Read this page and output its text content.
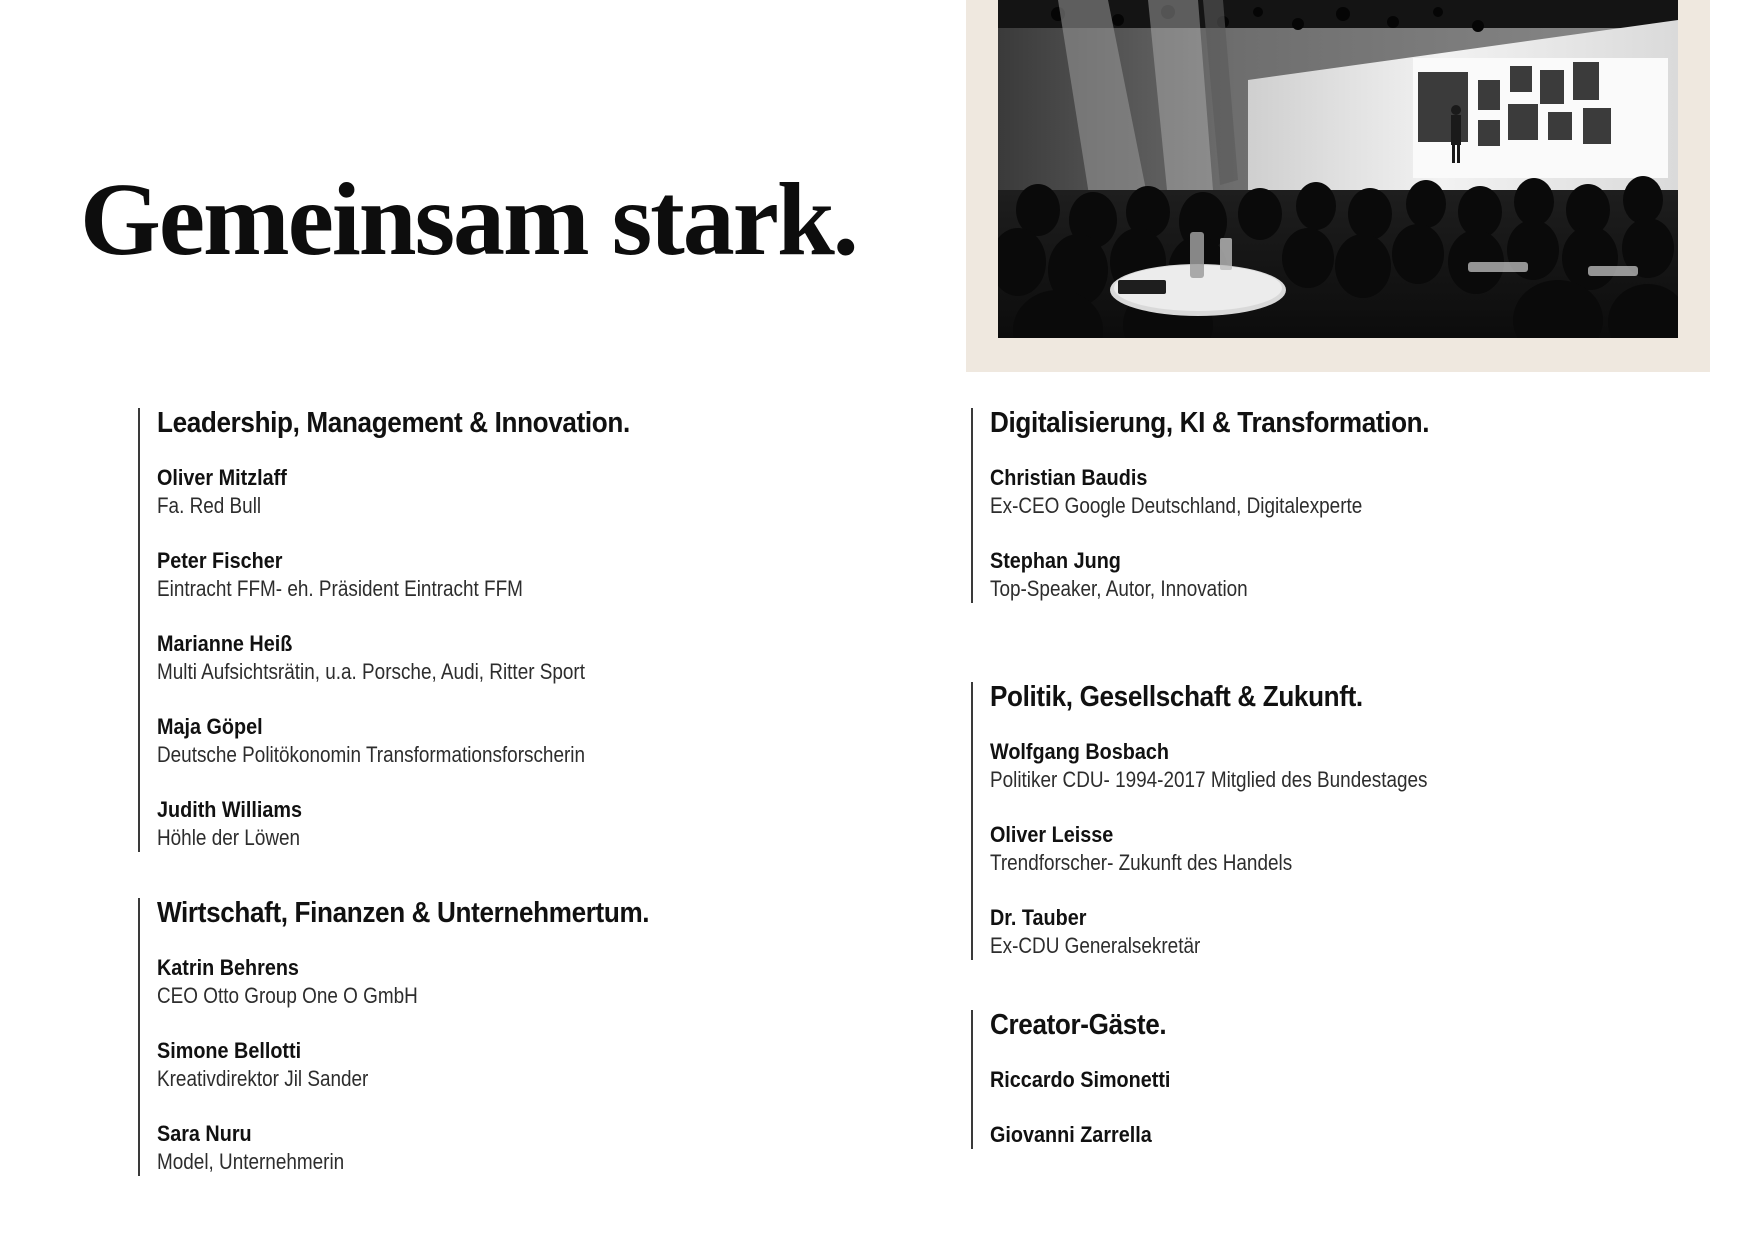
Gemeinsam stark.
Leadership, Management & Innovation.
Oliver Mitzlaff
Fa. Red Bull
Peter Fischer
Eintracht FFM- eh. Präsident Eintracht FFM
Marianne Heiß
Multi Aufsichtsrätin, u.a. Porsche, Audi, Ritter Sport
Maja Göpel
Deutsche Politökonomin Transformationsforscherin
Judith Williams
Höhle der Löwen
Wirtschaft, Finanzen & Unternehmertum.
Katrin Behrens
CEO Otto Group One O GmbH
Simone Bellotti
Kreativdirektor Jil Sander
Sara Nuru
Model, Unternehmerin
Digitalisierung, KI & Transformation.
Christian Baudis
Ex-CEO Google Deutschland, Digitalexperte
Stephan Jung
Top-Speaker, Autor, Innovation
Politik, Gesellschaft & Zukunft.
Wolfgang Bosbach
Politiker CDU- 1994-2017 Mitglied des Bundestages
Oliver Leisse
Trendforscher- Zukunft des Handels
Dr. Tauber
Ex-CDU Generalsekretär
Creator-Gäste.
Riccardo Simonetti
Giovanni Zarrella
